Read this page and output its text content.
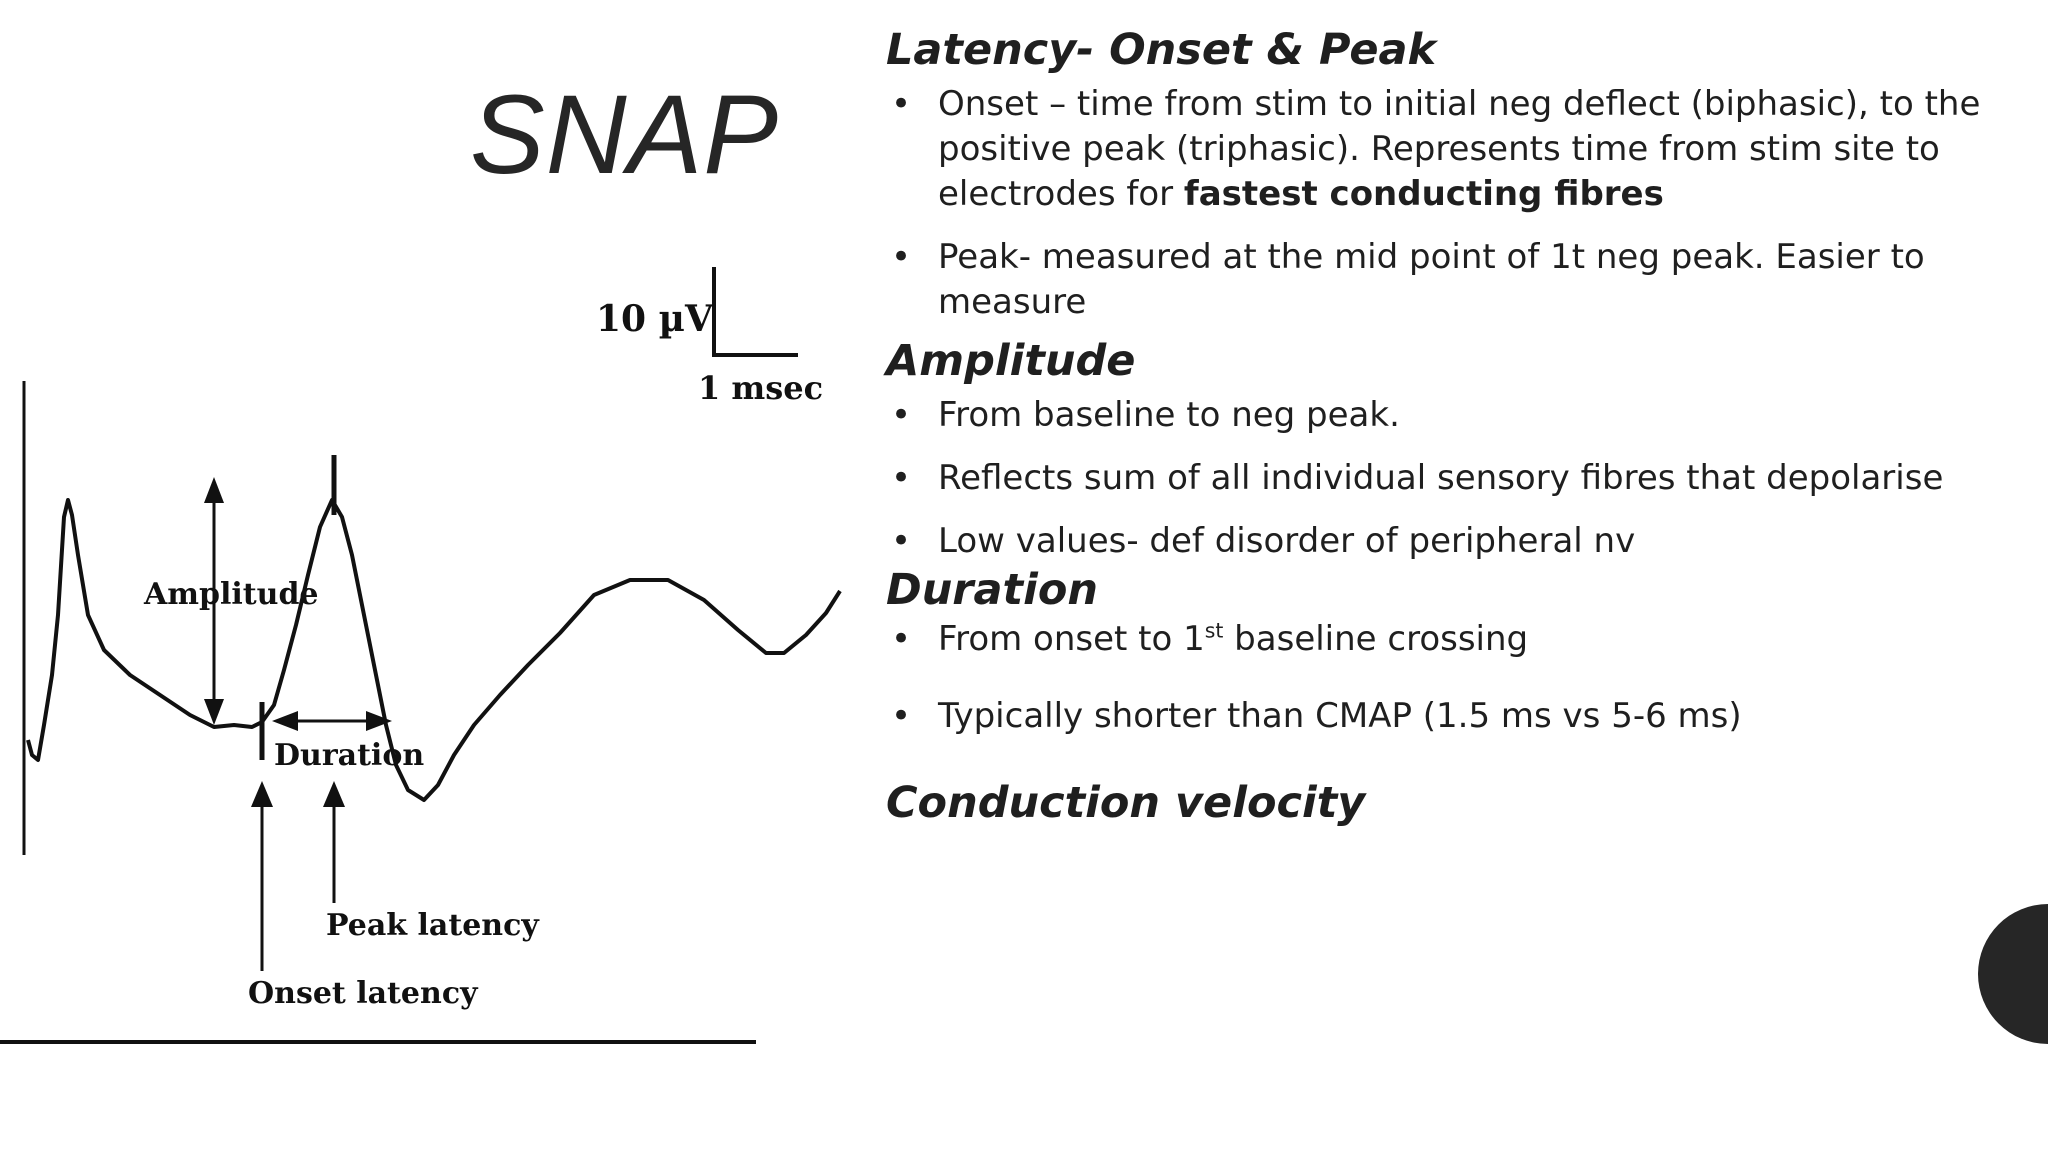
SNAP
10 µV
1 msec
Amplitude
Duration
Peak latency
Onset latency
Latency- Onset & Peak
• Onset – time from stim to initial neg deflect (biphasic), to the positive peak (triphasic). Represents time from stim site to electrodes for fastest conducting fibres
• Peak- measured at the mid point of 1t neg peak. Easier to measure
Amplitude
• From baseline to neg peak.
• Reflects sum of all individual sensory fibres that depolarise
• Low values- def disorder of peripheral nv
Duration
• From onset to 1st baseline crossing
• Typically shorter than CMAP (1.5 ms vs 5-6 ms)
Conduction velocity
